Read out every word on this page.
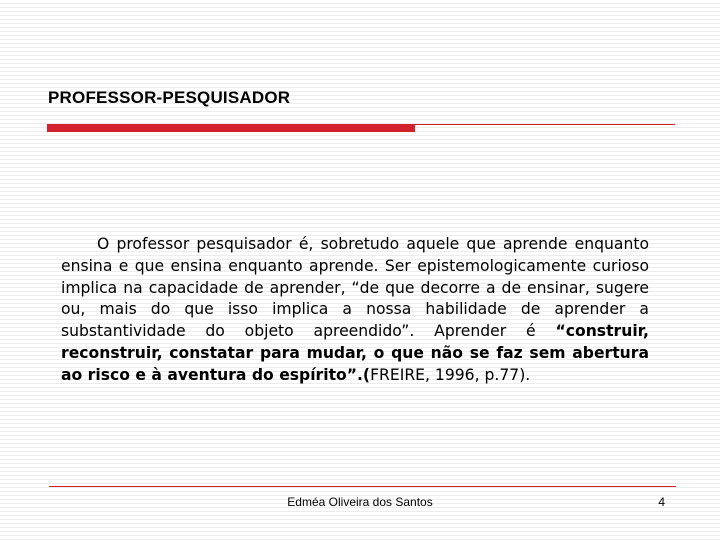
PROFESSOR-PESQUISADOR

O professor pesquisador é, sobretudo aquele que aprende enquanto ensina e que ensina enquanto aprende. Ser epistemologicamente curioso implica na capacidade de aprender, “de que decorre a de ensinar, sugere ou, mais do que isso implica a nossa habilidade de aprender a substantividade do objeto apreendido”. Aprender é “construir, reconstruir, constatar para mudar, o que não se faz sem abertura ao risco e à aventura do espírito”.(FREIRE, 1996, p.77).

Edméa Oliveira dos Santos	4
